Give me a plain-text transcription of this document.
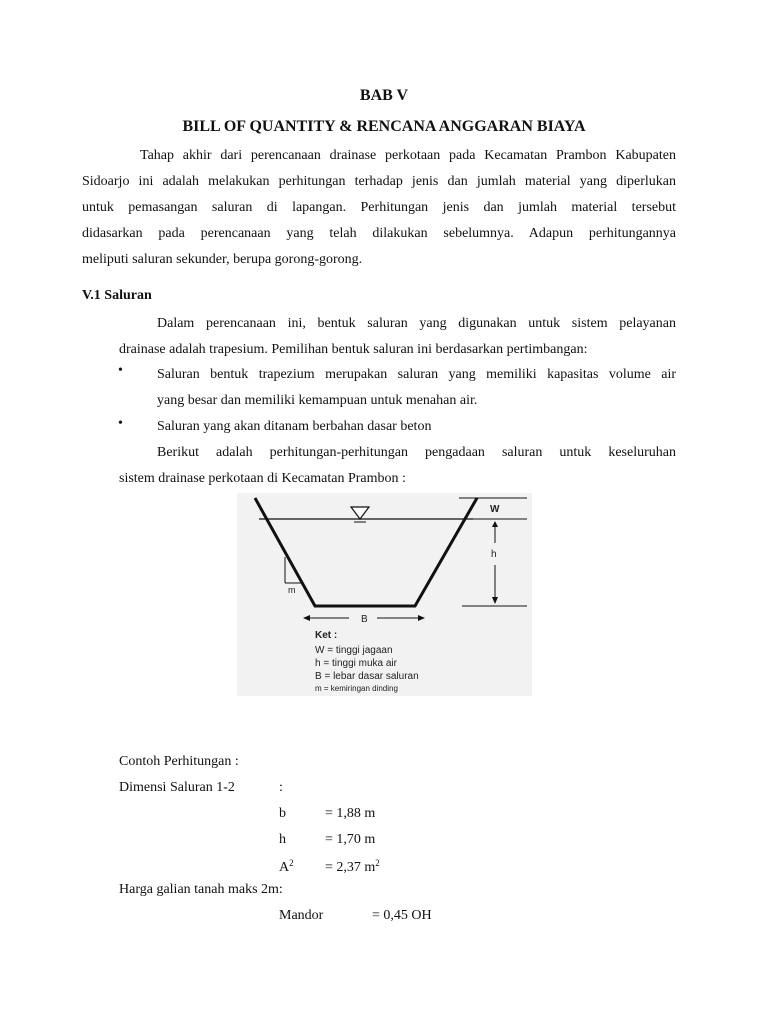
BAB V
BILL OF QUANTITY & RENCANA ANGGARAN BIAYA
Tahap akhir dari perencanaan drainase perkotaan pada Kecamatan Prambon Kabupaten
Sidoarjo ini adalah melakukan perhitungan terhadap jenis dan jumlah material yang diperlukan
untuk pemasangan saluran di lapangan. Perhitungan jenis dan jumlah material tersebut
didasarkan pada perencanaan yang telah dilakukan sebelumnya. Adapun perhitungannya
meliputi saluran sekunder, berupa gorong-gorong.
V.1 Saluran
Dalam perencanaan ini, bentuk saluran yang digunakan untuk sistem pelayanan
drainase adalah trapesium. Pemilihan bentuk saluran ini berdasarkan pertimbangan:
• Saluran bentuk trapezium merupakan saluran yang memiliki kapasitas volume air
yang besar dan memiliki kemampuan untuk menahan air.
• Saluran yang akan ditanam berbahan dasar beton
Berikut adalah perhitungan-perhitungan pengadaan saluran untuk keseluruhan
sistem drainase perkotaan di Kecamatan Prambon :
m
W
h
B
Ket :
W = tinggi jagaan
h = tinggi muka air
B = lebar dasar saluran
m = kemiringan dinding
Contoh Perhitungan :
Dimensi Saluran 1-2	:
b	= 1,88 m
h	= 1,70 m
$A^2 = 2,37$ $m^2$
Harga galian tanah maks 2m:
Mandor	= 0,45 OH
